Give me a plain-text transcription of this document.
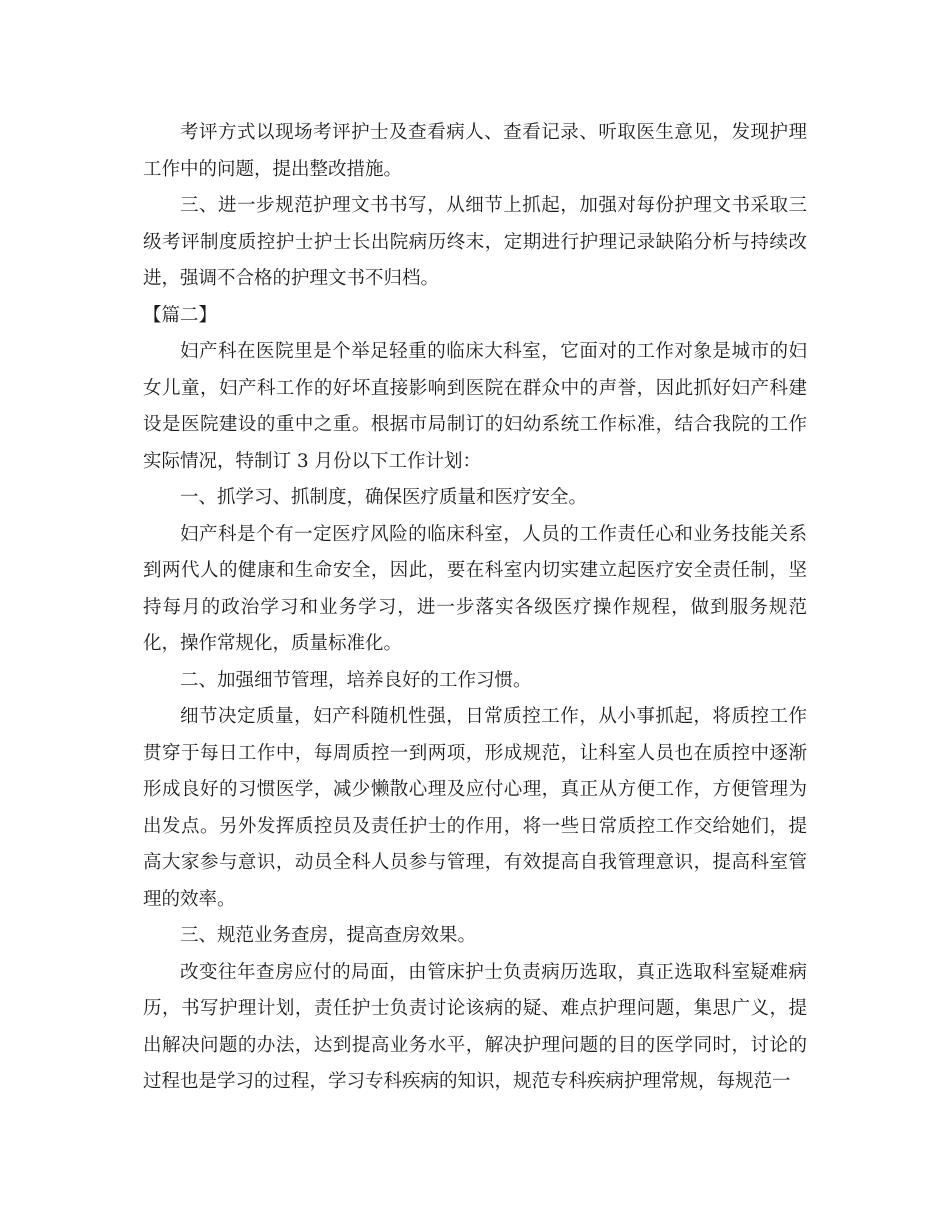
考评方式以现场考评护士及查看病人、查看记录、听取医生意见，发现护理工作中的问题，提出整改措施。

三、进一步规范护理文书书写，从细节上抓起，加强对每份护理文书采取三级考评制度质控护士护士长出院病历终末，定期进行护理记录缺陷分析与持续改进，强调不合格的护理文书不归档。

【篇二】

妇产科在医院里是个举足轻重的临床大科室，它面对的工作对象是城市的妇女儿童，妇产科工作的好坏直接影响到医院在群众中的声誉，因此抓好妇产科建设是医院建设的重中之重。根据市局制订的妇幼系统工作标准，结合我院的工作实际情况，特制订 3 月份以下工作计划：

一、抓学习、抓制度，确保医疗质量和医疗安全。

妇产科是个有一定医疗风险的临床科室，人员的工作责任心和业务技能关系到两代人的健康和生命安全，因此，要在科室内切实建立起医疗安全责任制，坚持每月的政治学习和业务学习，进一步落实各级医疗操作规程，做到服务规范化，操作常规化，质量标准化。

二、加强细节管理，培养良好的工作习惯。

细节决定质量，妇产科随机性强，日常质控工作，从小事抓起，将质控工作贯穿于每日工作中，每周质控一到两项，形成规范，让科室人员也在质控中逐渐形成良好的习惯医学，减少懒散心理及应付心理，真正从方便工作，方便管理为出发点。另外发挥质控员及责任护士的作用，将一些日常质控工作交给她们，提高大家参与意识，动员全科人员参与管理，有效提高自我管理意识，提高科室管理的效率。

三、规范业务查房，提高查房效果。

改变往年查房应付的局面，由管床护士负责病历选取，真正选取科室疑难病历，书写护理计划，责任护士负责讨论该病的疑、难点护理问题，集思广义，提出解决问题的办法，达到提高业务水平，解决护理问题的目的医学同时，讨论的过程也是学习的过程，学习专科疾病的知识，规范专科疾病护理常规，每规范一
